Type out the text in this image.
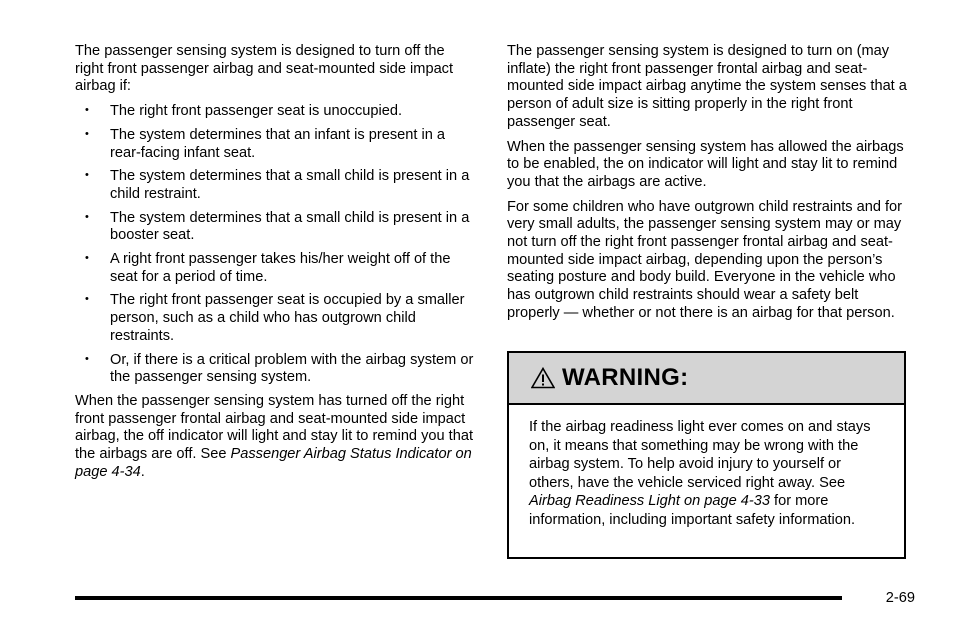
The passenger sensing system is designed to turn off the right front passenger airbag and seat-mounted side impact airbag if:

• The right front passenger seat is unoccupied.
• The system determines that an infant is present in a rear-facing infant seat.
• The system determines that a small child is present in a child restraint.
• The system determines that a small child is present in a booster seat.
• A right front passenger takes his/her weight off of the seat for a period of time.
• The right front passenger seat is occupied by a smaller person, such as a child who has outgrown child restraints.
• Or, if there is a critical problem with the airbag system or the passenger sensing system.

When the passenger sensing system has turned off the right front passenger frontal airbag and seat-mounted side impact airbag, the off indicator will light and stay lit to remind you that the airbags are off. See Passenger Airbag Status Indicator on page 4-34.

The passenger sensing system is designed to turn on (may inflate) the right front passenger frontal airbag and seat-mounted side impact airbag anytime the system senses that a person of adult size is sitting properly in the right front passenger seat.

When the passenger sensing system has allowed the airbags to be enabled, the on indicator will light and stay lit to remind you that the airbags are active.

For some children who have outgrown child restraints and for very small adults, the passenger sensing system may or may not turn off the right front passenger frontal airbag and seat-mounted side impact airbag, depending upon the person’s seating posture and body build. Everyone in the vehicle who has outgrown child restraints should wear a safety belt properly — whether or not there is an airbag for that person.

WARNING:
If the airbag readiness light ever comes on and stays on, it means that something may be wrong with the airbag system. To help avoid injury to yourself or others, have the vehicle serviced right away. See Airbag Readiness Light on page 4-33 for more information, including important safety information.
2-69
